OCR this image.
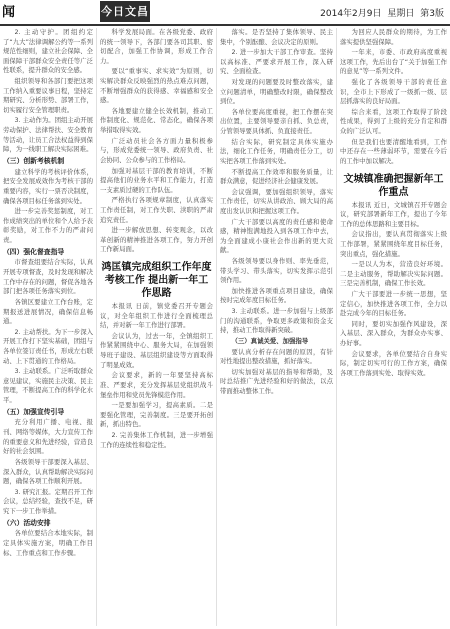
闻	今日文昌	2014年2月9日 星期日 第3版

2. 主动守护。团组约定了“九大”法律调解公约等一系列规范性细则，建立社会保障、全面保障干部群众安全责任等广泛性联系，提升群众的安全感。

组织领导和各部门要把这项工作纳入重要议事日程，坚持定期研究、分析形势、部署工作，切实履行安全管理职责。

3. 主动作为。团组主动开展劳动保护、法律帮扶、安全教育等活动，让员工合法权益得到保障，为一线职工解决实际困难。

（三）创新考核机制

建立科学的考核评价体系，把安全发展成效作为考核干部的重要内容，实行一票否决制度，确保各项目标任务落到实处。

进一步完善奖惩制度，对工作成绩突出的单位和个人给予表彰奖励，对工作不力的严肃问责。

（四）强化督查指导

市督查组要结合实际，认真开展专项督查，及时发现和解决工作中存在的问题，督促各地各部门把各项任务落实到位。

各镇区要建立工作台账，定期报送进展情况，确保信息畅通。

2. 主动帮扶。为下一步深入开展工作打下坚实基础，团组与各单位签订责任书，形成左右联动、上下贯通的工作格局。

3. 主动联系。广泛听取群众意见建议，实施民主决策、民主管理，不断提高工作的科学化水平。

（五）加强宣传引导

充分利用广播、电视、报刊、网络等媒体，大力宣传工作的重要意义和先进经验，营造良好的社会氛围。

各级领导干部要深入基层、深入群众，认真帮助解决实际问题，确保各项工作顺利开展。

3. 研究汇报。定期召开工作会议，总结经验，查找不足，研究下一步工作举措。

（六）活动安排

各单位要结合本地实际，制定具体实施方案，明确工作目标、工作重点和工作步骤。

科学发展局面。在各级党委、政府的统一领导下，各部门要各司其职、密切配合，加强工作协调，形成工作合力。

要以“重事实、求实效”为原则，切实解决群众反映强烈的热点难点问题，不断增强群众的获得感、幸福感和安全感。

各地要建立健全长效机制，推动工作制度化、规范化、常态化，确保各项举措取得实效。

广泛动员社会各方面力量积极参与，形成党委统一领导、政府负责、社会协同、公众参与的工作格局。

加强对基层干部的教育培训，不断提高他们的业务水平和工作能力，打造一支素质过硬的工作队伍。

严格执行各项规章制度，认真落实工作责任制，对工作失职、渎职的严肃追究责任。

进一步解放思想、转变观念，以改革创新的精神推进各项工作，努力开创工作新局面。

鸿匡镇完成组织工作年度考核工作 提出新一年工作思路

本报讯 日前，镇党委召开专题会议，对全年组织工作进行全面梳理总结，并对新一年工作进行部署。

会议认为，过去一年，全镇组织工作紧紧围绕中心、服务大局，在加强领导班子建设、基层组织建设等方面取得了明显成效。

会议要求，新的一年要坚持高标准、严要求，充分发挥基层党组织战斗堡垒作用和党员先锋模范作用。

一是要加强学习，提高素质。二是要强化管理，完善制度。三是要开拓创新，抓出特色。

2. 完善集体工作机制，进一步增强工作的连续性和稳定性。

落实。是否坚持了集体领导、民主集中，个别酝酿、会议决定的原则。

2. 进一步加大干部工作审查。坚持以高标准、严要求开展工作，深入研究、全面检查。

对发现的问题要及时整改落实，建立问题清单，明确整改时限，确保整改到位。

各单位要高度重视，把工作摆在突出位置，主要领导要亲自抓、负总责，分管领导要具体抓、负直接责任。

结合实际，研究制定具体实施办法，细化工作任务，明确责任分工，切实把各项工作落到实处。

不断提高工作效率和服务质量，让群众满意，促进经济社会健康发展。

会议强调，要加强组织领导，落实工作责任，切实从讲政治、顾大局的高度出发认识和把握这项工作。

广大干部要以高度的责任感和使命感，精神饱满地投入到各项工作中去，为全面建成小康社会作出新的更大贡献。

各级领导要以身作则、率先垂范，带头学习、带头落实，切实发挥示范引领作用。

加快推进各项重点项目建设，确保按时完成年度目标任务。

3. 主动联系。进一步加强与上级部门的沟通联系，争取更多政策和资金支持，推动工作取得新突破。

（三）真诚关爱、加强指导

要认真分析存在问题的原因，有针对性地提出整改措施，抓好落实。

切实加强对基层的指导和帮助，及时总结推广先进经验和好的做法，以点带面推动整体工作。

为回应人民群众的期待，为工作落实提供坚强保障。

一年来，市委、市政府高度重视这项工作，先后出台了“关于加强工作的意见”等一系列文件。

强化了各级领导干部的责任意识，全市上下形成了一级抓一级、层层抓落实的良好局面。

综合来看，这项工作取得了阶段性成果，得到了上级的充分肯定和群众的广泛认可。

但是我们也要清醒地看到，工作中还存在一些薄弱环节，需要在今后的工作中加以解决。

文城镇准确把握新年工作重点

本报讯 近日，文城镇召开专题会议，研究部署新年工作，提出了今年工作的总体思路和主要目标。

会议指出，要认真贯彻落实上级工作部署，紧紧围绕年度目标任务，突出重点，强化措施。

一是以人为本，营造良好环境。二是主动服务，帮助解决实际问题。三是完善机制，确保工作长效。

广大干部要进一步统一思想，坚定信心，加快推进各项工作，全力以赴完成今年的目标任务。

同时，要切实加强作风建设，深入基层、深入群众，为群众办实事、办好事。

会议要求，各单位要结合自身实际，制定切实可行的工作方案，确保各项工作落到实处、取得实效。
